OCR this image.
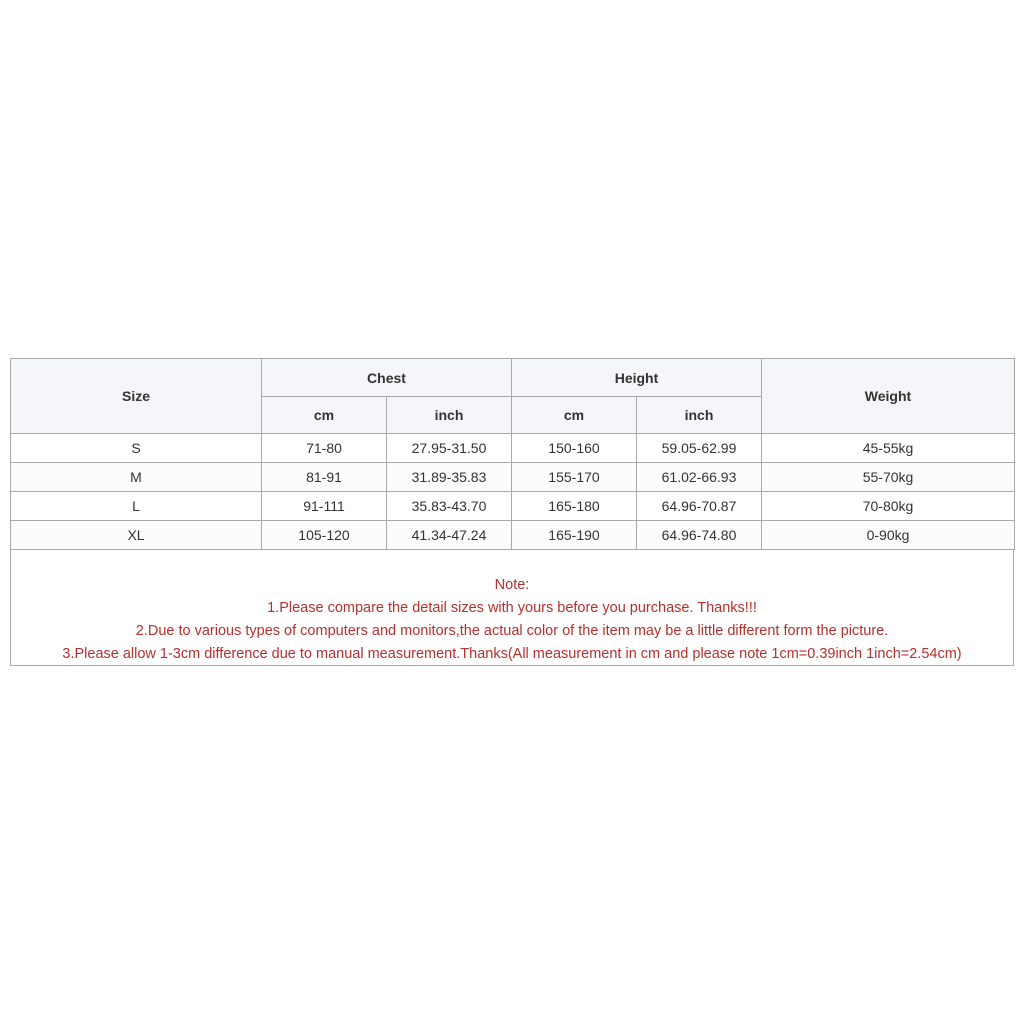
Size	Chest		Height		Weight
	cm	inch	cm	inch	
S	71-80	27.95-31.50	150-160	59.05-62.99	45-55kg
M	81-91	31.89-35.83	155-170	61.02-66.93	55-70kg
L	91-111	35.83-43.70	165-180	64.96-70.87	70-80kg
XL	105-120	41.34-47.24	165-190	64.96-74.80	0-90kg
Note:
1.Please compare the detail sizes with yours before you purchase. Thanks!!!
2.Due to various types of computers and monitors,the actual color of the item may be a little different form the picture.
3.Please allow 1-3cm difference due to manual measurement.Thanks(All measurement in cm and please note 1cm=0.39inch 1inch=2.54cm)
